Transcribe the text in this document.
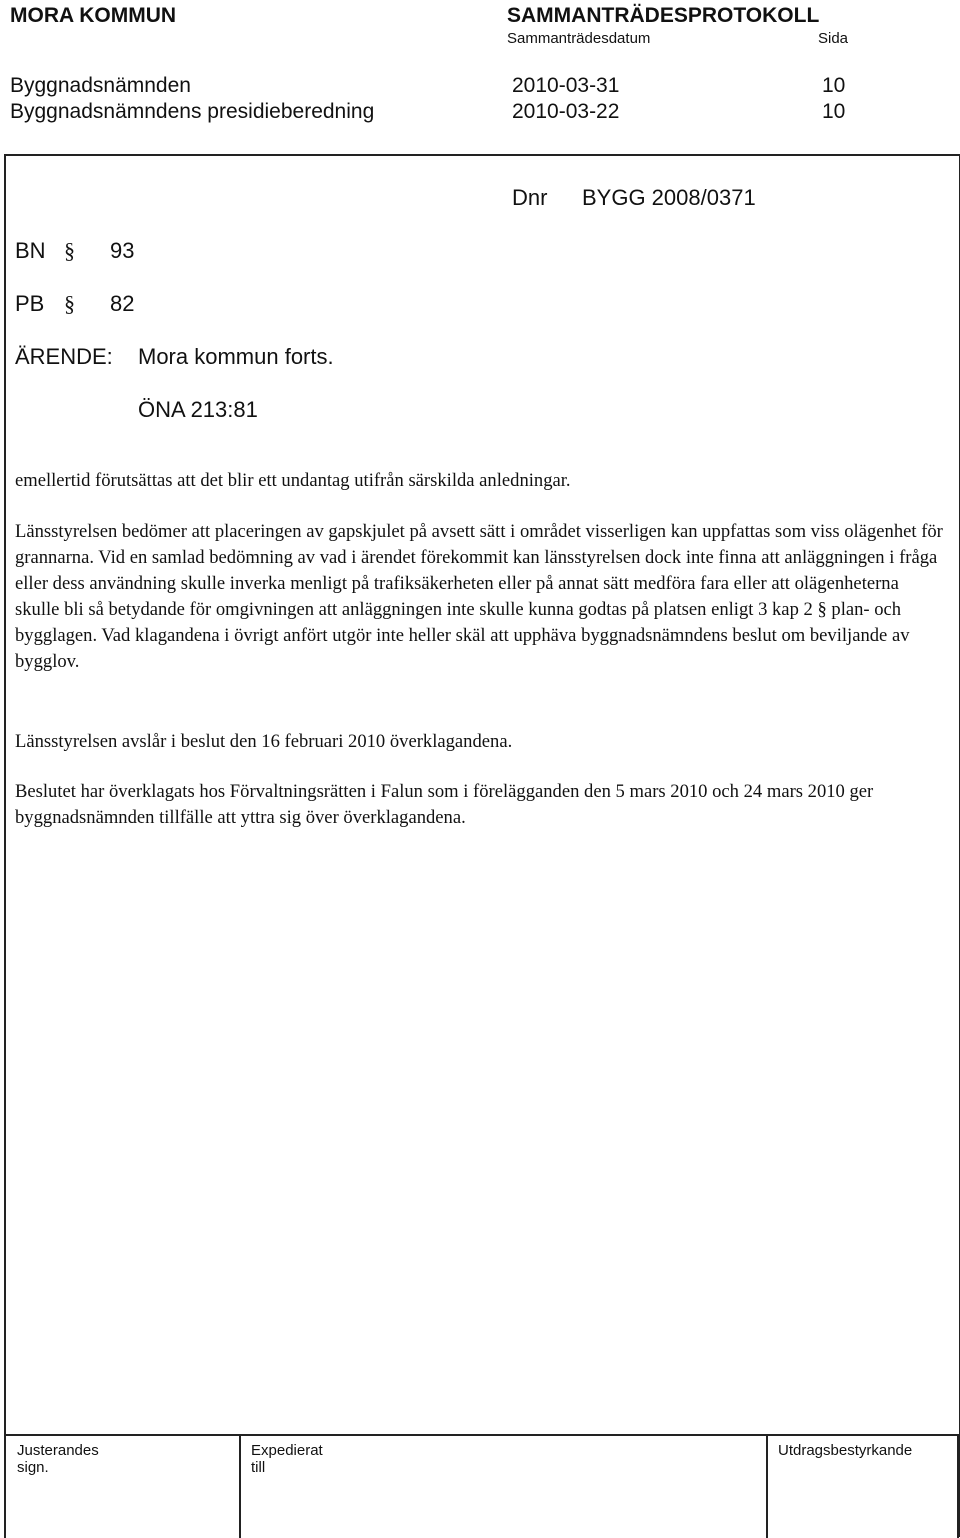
MORA KOMMUN	SAMMANTRÄDESPROTOKOLL
Sammanträdesdatum	Sida
Byggnadsnämnden	2010-03-31	10
Byggnadsnämndens presidieberedning	2010-03-22	10
Dnr BYGG 2008/0371
BN § 93
PB § 82
ÄRENDE: Mora kommun forts.
ÖNA 213:81

emellertid förutsättas att det blir ett undantag utifrån särskilda anledningar.

Länsstyrelsen bedömer att placeringen av gapskjulet på avsett sätt i området visserligen kan uppfattas som viss olägenhet för grannarna. Vid en samlad bedömning av vad i ärendet förekommit kan länsstyrelsen dock inte finna att anläggningen i fråga eller dess användning skulle inverka menligt på trafiksäkerheten eller på annat sätt medföra fara eller att olägenheterna skulle bli så betydande för omgivningen att anläggningen inte skulle kunna godtas på platsen enligt 3 kap 2 § plan- och bygglagen. Vad klagandena i övrigt anfört utgör inte heller skäl att upphäva byggnadsnämndens beslut om beviljande av bygglov.

Länsstyrelsen avslår i beslut den 16 februari 2010 överklagandena.

Beslutet har överklagats hos Förvaltningsrätten i Falun som i förelägganden den 5 mars 2010 och 24 mars 2010 ger byggnadsnämnden tillfälle att yttra sig över överklagandena.

Justerandes sign.
Expedierat till
Utdragsbestyrkande
